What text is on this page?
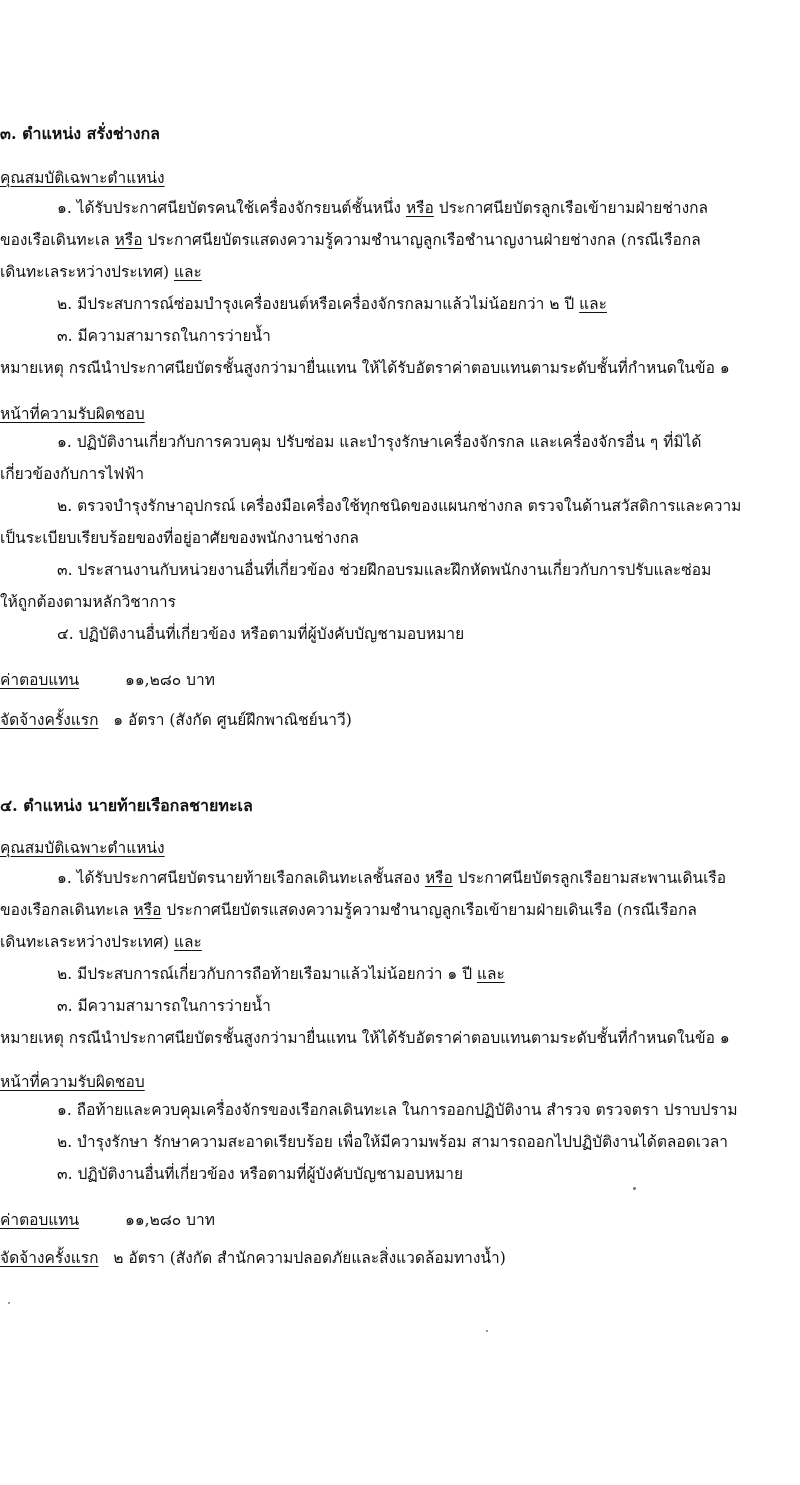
๓. ตำแหน่ง สรั่งช่างกล
คุณสมบัติเฉพาะตำแหน่ง
๑. ได้รับประกาศนียบัตรคนใช้เครื่องจักรยนต์ชั้นหนึ่ง หรือ ประกาศนียบัตรลูกเรือเข้ายามฝ่ายช่างกล
ของเรือเดินทะเล หรือ ประกาศนียบัตรแสดงความรู้ความชำนาญลูกเรือชำนาญงานฝ่ายช่างกล (กรณีเรือกล
เดินทะเลระหว่างประเทศ) และ
๒. มีประสบการณ์ซ่อมบำรุงเครื่องยนต์หรือเครื่องจักรกลมาแล้วไม่น้อยกว่า ๒ ปี และ
๓. มีความสามารถในการว่ายน้ำ
หมายเหตุ กรณีนำประกาศนียบัตรชั้นสูงกว่ามายื่นแทน ให้ได้รับอัตราค่าตอบแทนตามระดับชั้นที่กำหนดในข้อ ๑
หน้าที่ความรับผิดชอบ
๑. ปฏิบัติงานเกี่ยวกับการควบคุม ปรับซ่อม และบำรุงรักษาเครื่องจักรกล และเครื่องจักรอื่น ๆ ที่มิได้
เกี่ยวข้องกับการไฟฟ้า
๒. ตรวจบำรุงรักษาอุปกรณ์ เครื่องมือเครื่องใช้ทุกชนิดของแผนกช่างกล ตรวจในด้านสวัสดิการและความ
เป็นระเบียบเรียบร้อยของที่อยู่อาศัยของพนักงานช่างกล
๓. ประสานงานกับหน่วยงานอื่นที่เกี่ยวข้อง ช่วยฝึกอบรมและฝึกหัดพนักงานเกี่ยวกับการปรับและซ่อม
ให้ถูกต้องตามหลักวิชาการ
๔. ปฏิบัติงานอื่นที่เกี่ยวข้อง หรือตามที่ผู้บังคับบัญชามอบหมาย
ค่าตอบแทน	๑๑,๒๘๐ บาท
จัดจ้างครั้งแรก ๑ อัตรา (สังกัด ศูนย์ฝึกพาณิชย์นาวี)
๔. ตำแหน่ง นายท้ายเรือกลชายทะเล
คุณสมบัติเฉพาะตำแหน่ง
๑. ได้รับประกาศนียบัตรนายท้ายเรือกลเดินทะเลชั้นสอง หรือ ประกาศนียบัตรลูกเรือยามสะพานเดินเรือ
ของเรือกลเดินทะเล หรือ ประกาศนียบัตรแสดงความรู้ความชำนาญลูกเรือเข้ายามฝ่ายเดินเรือ (กรณีเรือกล
เดินทะเลระหว่างประเทศ) และ
๒. มีประสบการณ์เกี่ยวกับการถือท้ายเรือมาแล้วไม่น้อยกว่า ๑ ปี และ
๓. มีความสามารถในการว่ายน้ำ
หมายเหตุ กรณีนำประกาศนียบัตรชั้นสูงกว่ามายื่นแทน ให้ได้รับอัตราค่าตอบแทนตามระดับชั้นที่กำหนดในข้อ ๑
หน้าที่ความรับผิดชอบ
๑. ถือท้ายและควบคุมเครื่องจักรของเรือกลเดินทะเล ในการออกปฏิบัติงาน สำรวจ ตรวจตรา ปราบปราม
๒. บำรุงรักษา รักษาความสะอาดเรียบร้อย เพื่อให้มีความพร้อม สามารถออกไปปฏิบัติงานได้ตลอดเวลา
๓. ปฏิบัติงานอื่นที่เกี่ยวข้อง หรือตามที่ผู้บังคับบัญชามอบหมาย
ค่าตอบแทน	๑๑,๒๘๐ บาท
จัดจ้างครั้งแรก ๒ อัตรา (สังกัด สำนักความปลอดภัยและสิ่งแวดล้อมทางน้ำ)
